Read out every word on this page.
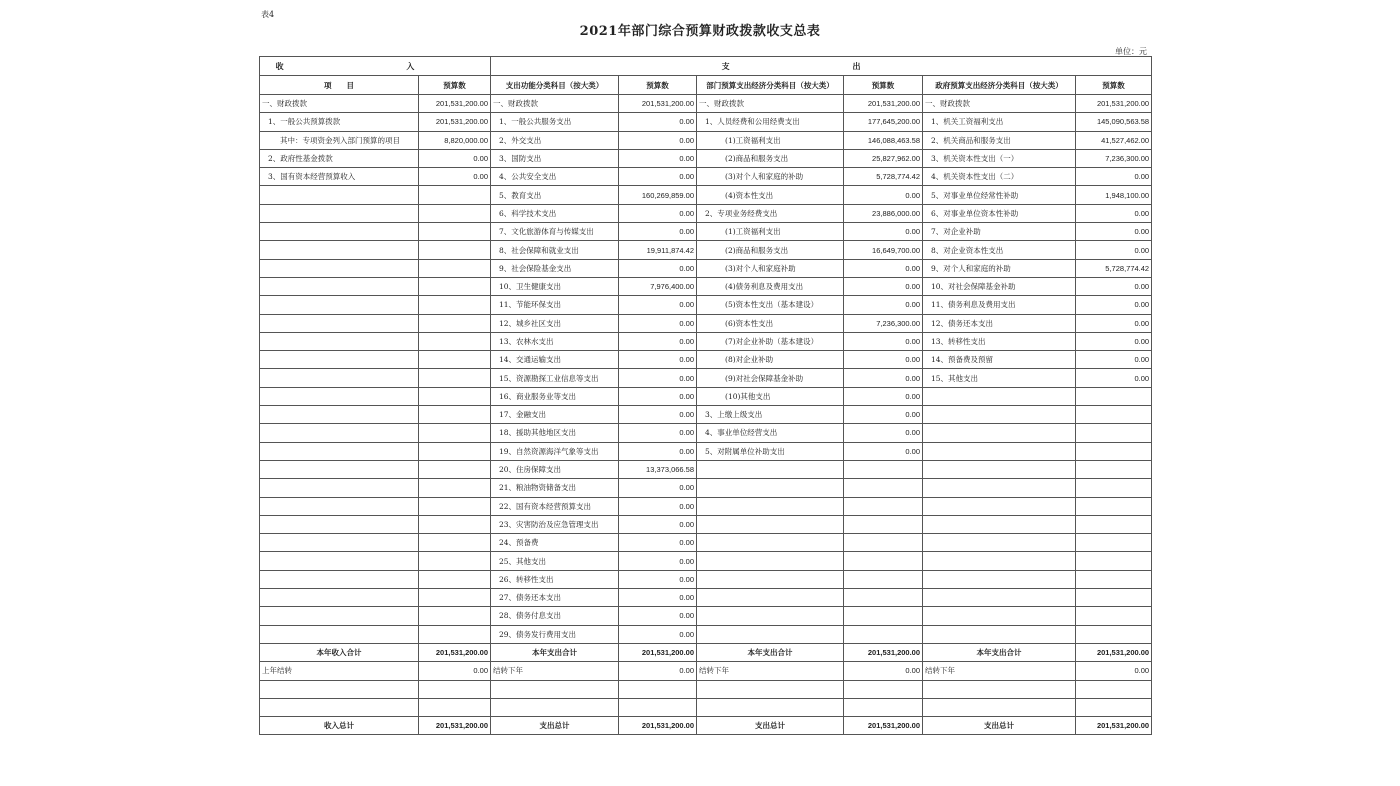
表4
2021年部门综合预算财政拨款收支总表
单位：元
收 入		支 出					
项　　目	预算数	支出功能分类科目（按大类）	预算数	部门预算支出经济分类科目（按大类）	预算数	政府预算支出经济分类科目（按大类）	预算数
一、财政拨款	201,531,200.00	一、财政拨款	201,531,200.00	一、财政拨款	201,531,200.00	一、财政拨款	201,531,200.00
1、一般公共预算拨款	201,531,200.00	1、一般公共服务支出	0.00	1、人员经费和公用经费支出	177,645,200.00	1、机关工资福利支出	145,090,563.58
其中：专项资金列入部门预算的项目	8,820,000.00	2、外交支出	0.00	(1)工资福利支出	146,088,463.58	2、机关商品和服务支出	41,527,462.00
2、政府性基金拨款	0.00	3、国防支出	0.00	(2)商品和服务支出	25,827,962.00	3、机关资本性支出（一）	7,236,300.00
3、国有资本经营预算收入	0.00	4、公共安全支出	0.00	(3)对个人和家庭的补助	5,728,774.42	4、机关资本性支出（二）	0.00
		5、教育支出	160,269,859.00	(4)资本性支出	0.00	5、对事业单位经常性补助	1,948,100.00
		6、科学技术支出	0.00	2、专项业务经费支出	23,886,000.00	6、对事业单位资本性补助	0.00
		7、文化旅游体育与传媒支出	0.00	(1)工资福利支出	0.00	7、对企业补助	0.00
		8、社会保障和就业支出	19,911,874.42	(2)商品和服务支出	16,649,700.00	8、对企业资本性支出	0.00
		9、社会保险基金支出	0.00	(3)对个人和家庭补助	0.00	9、对个人和家庭的补助	5,728,774.42
		10、卫生健康支出	7,976,400.00	(4)债务利息及费用支出	0.00	10、对社会保障基金补助	0.00
		11、节能环保支出	0.00	(5)资本性支出（基本建设）	0.00	11、债务利息及费用支出	0.00
		12、城乡社区支出	0.00	(6)资本性支出	7,236,300.00	12、债务还本支出	0.00
		13、农林水支出	0.00	(7)对企业补助（基本建设）	0.00	13、转移性支出	0.00
		14、交通运输支出	0.00	(8)对企业补助	0.00	14、预备费及预留	0.00
		15、资源勘探工业信息等支出	0.00	(9)对社会保障基金补助	0.00	15、其他支出	0.00
		16、商业服务业等支出	0.00	(10)其他支出	0.00		
		17、金融支出	0.00	3、上缴上级支出	0.00		
		18、援助其他地区支出	0.00	4、事业单位经营支出	0.00		
		19、自然资源海洋气象等支出	0.00	5、对附属单位补助支出	0.00		
		20、住房保障支出	13,373,066.58				
		21、粮油物资储备支出	0.00				
		22、国有资本经营预算支出	0.00				
		23、灾害防治及应急管理支出	0.00				
		24、预备费	0.00				
		25、其他支出	0.00				
		26、转移性支出	0.00				
		27、债务还本支出	0.00				
		28、债务付息支出	0.00				
		29、债务发行费用支出	0.00				
本年收入合计	201,531,200.00	本年支出合计	201,531,200.00	本年支出合计	201,531,200.00	本年支出合计	201,531,200.00
上年结转	0.00	结转下年	0.00	结转下年	0.00	结转下年	0.00

收入总计	201,531,200.00	支出总计	201,531,200.00	支出总计	201,531,200.00	支出总计	201,531,200.00
